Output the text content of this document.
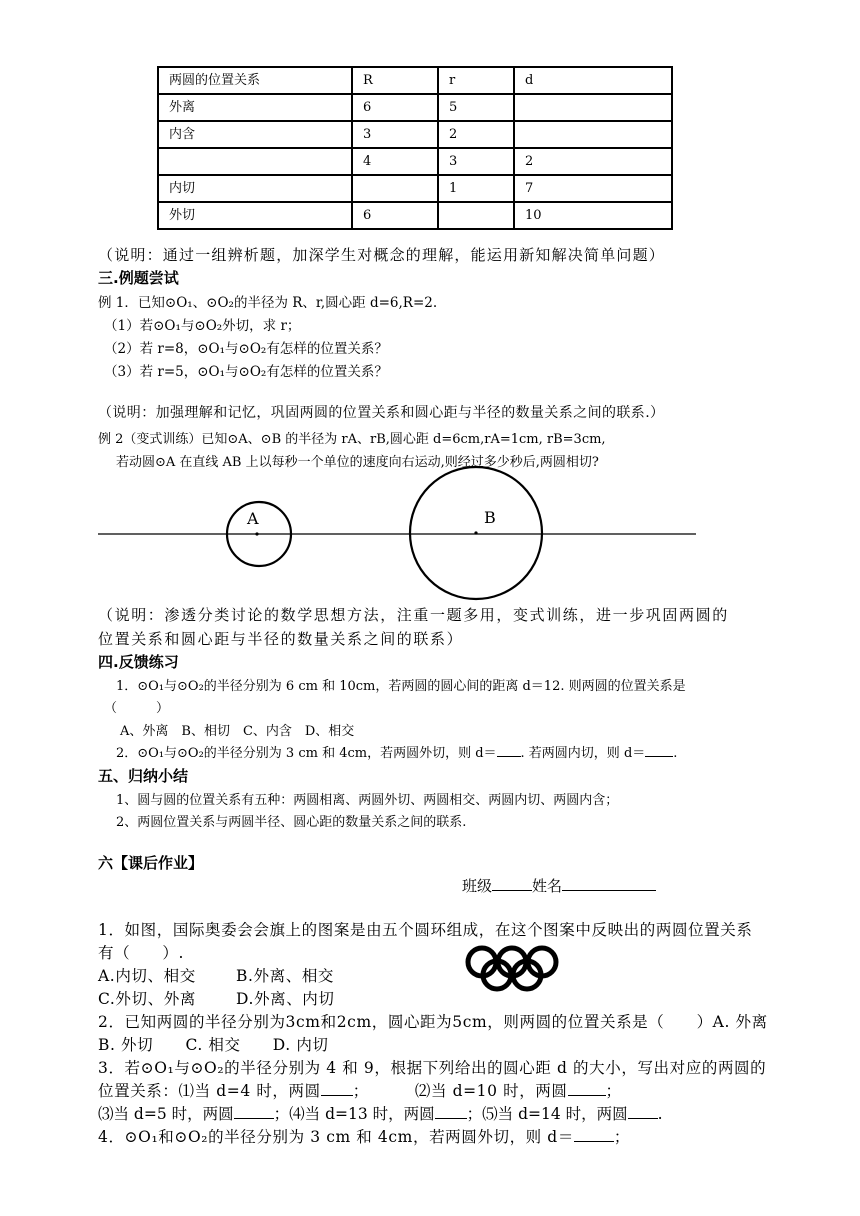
两圆的位置关系	R	r	d
外离	6	5	
内含	3	2	
	4	3	2
内切		1	7
外切	6		10
（说明：通过一组辨析题，加深学生对概念的理解，能运用新知解决简单问题）
三.例题尝试
例 1．已知⊙O₁、⊙O₂的半径为 R、r,圆心距 d=6,R=2.
（1）若⊙O₁与⊙O₂外切，求 r；
（2）若 r=8，⊙O₁与⊙O₂有怎样的位置关系？
（3）若 r=5，⊙O₁与⊙O₂有怎样的位置关系？
（说明：加强理解和记忆，巩固两圆的位置关系和圆心距与半径的数量关系之间的联系.）
例 2（变式训练）已知⊙A、⊙B 的半径为 rA、rB,圆心距 d=6cm,rA=1cm, rB=3cm,
若动圆⊙A 在直线 AB 上以每秒一个单位的速度向右运动,则经过多少秒后,两圆相切?
A	B
（说明：渗透分类讨论的数学思想方法，注重一题多用，变式训练，进一步巩固两圆的
位置关系和圆心距与半径的数量关系之间的联系）
四.反馈练习
1．⊙O₁与⊙O₂的半径分别为 6 cm 和 10cm，若两圆的圆心间的距离 d＝12. 则两圆的位置关系是
（　　　）
A、外离　B、相切　C、内含　D、相交
2．⊙O₁与⊙O₂的半径分别为 3 cm 和 4cm，若两圆外切，则 d＝ . 若两圆内切，则 d＝ .
五、归纳小结
1、圆与圆的位置关系有五种：两圆相离、两圆外切、两圆相交、两圆内切、两圆内含；
2、两圆位置关系与两圆半径、圆心距的数量关系之间的联系.
六【课后作业】
班级	姓名
1．如图，国际奥委会会旗上的图案是由五个圆环组成，在这个图案中反映出的两圆位置关系
有（　　）.
A.内切、相交	B.外离、相交
C.外切、外离	D.外离、内切
2．已知两圆的半径分别为3cm和2cm，圆心距为5cm，则两圆的位置关系是（　　）A. 外离
B. 外切　　C. 相交　　D. 内切
3．若⊙O₁与⊙O₂的半径分别为 4 和 9，根据下列给出的圆心距 d 的大小，写出对应的两圆的
位置关系：⑴当 d=4 时，两圆 ；	⑵当 d=10 时，两圆 ；
⑶当 d=5 时，两圆	；⑷当 d=13 时，两圆 ；⑸当 d=14 时，两圆 .
4．⊙O₁和⊙O₂的半径分别为 3 cm 和 4cm，若两圆外切，则 d＝	；
